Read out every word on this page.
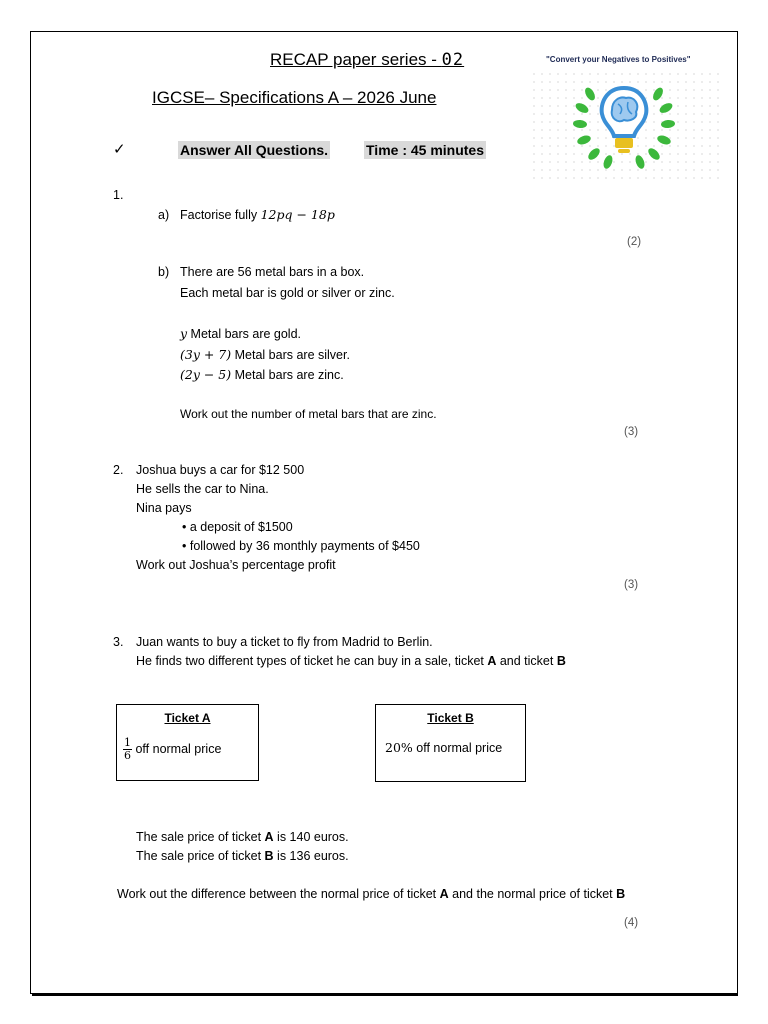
RECAP paper series - 02
IGCSE– Specifications A – 2026 June
"Convert your Negatives to Positives"
✓	Answer All Questions.	Time : 45 minutes
1.
a) Factorise fully 12pq − 18p
(2)
b) There are 56 metal bars in a box.
Each metal bar is gold or silver or zinc.
y Metal bars are gold.
(3y + 7) Metal bars are silver.
(2y − 5) Metal bars are zinc.
Work out the number of metal bars that are zinc.
(3)
2. Joshua buys a car for $12 500
He sells the car to Nina.
Nina pays
• a deposit of $1500
• followed by 36 monthly payments of $450
Work out Joshua’s percentage profit
(3)
3. Juan wants to buy a ticket to fly from Madrid to Berlin.
He finds two different types of ticket he can buy in a sale, ticket A and ticket B
Ticket A
$\frac{1}{6}$ off normal price
Ticket B
20% off normal price
The sale price of ticket A is 140 euros.
The sale price of ticket B is 136 euros.
Work out the difference between the normal price of ticket A and the normal price of ticket B
(4)
